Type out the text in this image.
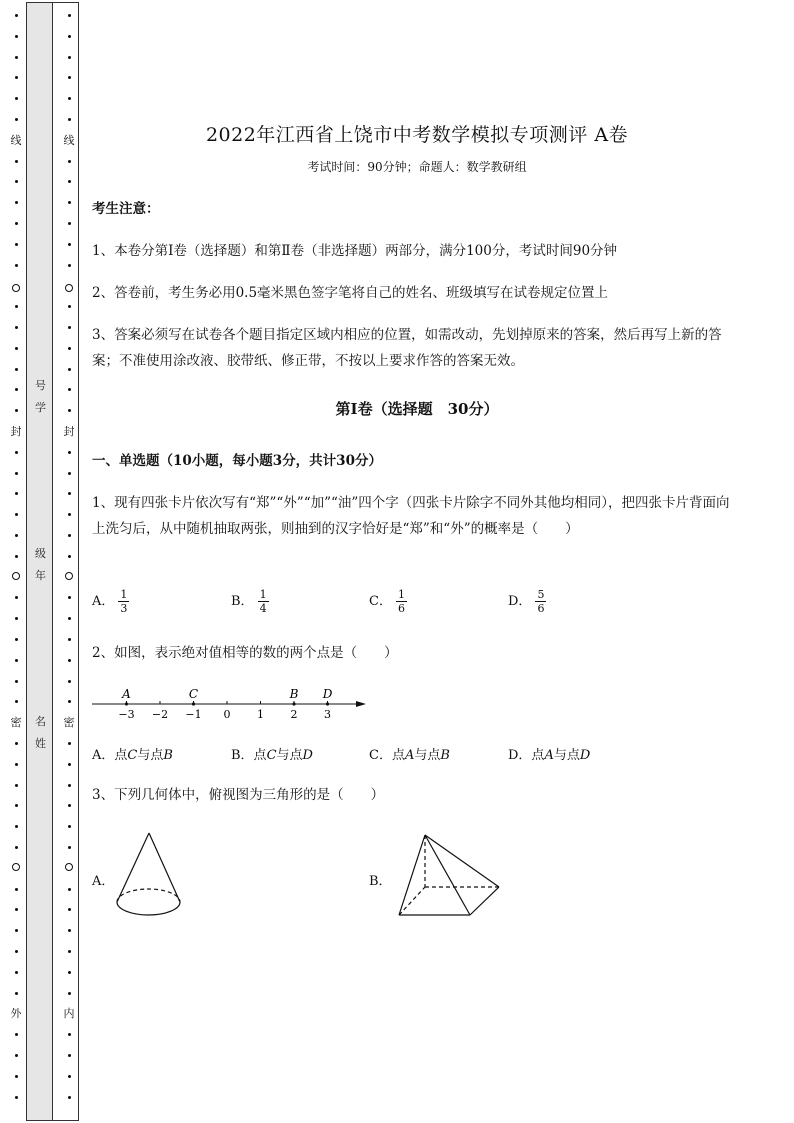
号
学
级
年
名
姓
线
封
密
外
线
封
密
内
2022年江西省上饶市中考数学模拟专项测评 A卷
考试时间：90分钟；命题人：数学教研组
考生注意：
1、本卷分第I卷（选择题）和第Ⅱ卷（非选择题）两部分，满分100分，考试时间90分钟
2、答卷前，考生务必用0.5毫米黑色签字笔将自己的姓名、班级填写在试卷规定位置上
3、答案必须写在试卷各个题目指定区域内相应的位置，如需改动，先划掉原来的答案，然后再写上新的答案；不准使用涂改液、胶带纸、修正带，不按以上要求作答的答案无效。
第I卷（选择题　30分）
一、单选题（10小题，每小题3分，共计30分）
1、现有四张卡片依次写有“郑”“外”“加”“油”四个字（四张卡片除字不同外其他均相同），把四张卡片背面向上洗匀后，从中随机抽取两张，则抽到的汉字恰好是“郑”和“外”的概率是（　　）
A． $\frac{1}{3}$	B． $\frac{1}{4}$	C． $\frac{1}{6}$	D． $\frac{5}{6}$
2、如图，表示绝对值相等的数的两个点是（　　）
−3 −2 −1 0 1 2 3
A	C	B D
A．点C与点B	B．点C与点D	C．点A与点B	D．点A与点D
3、下列几何体中，俯视图为三角形的是（　　）
A．	B．
